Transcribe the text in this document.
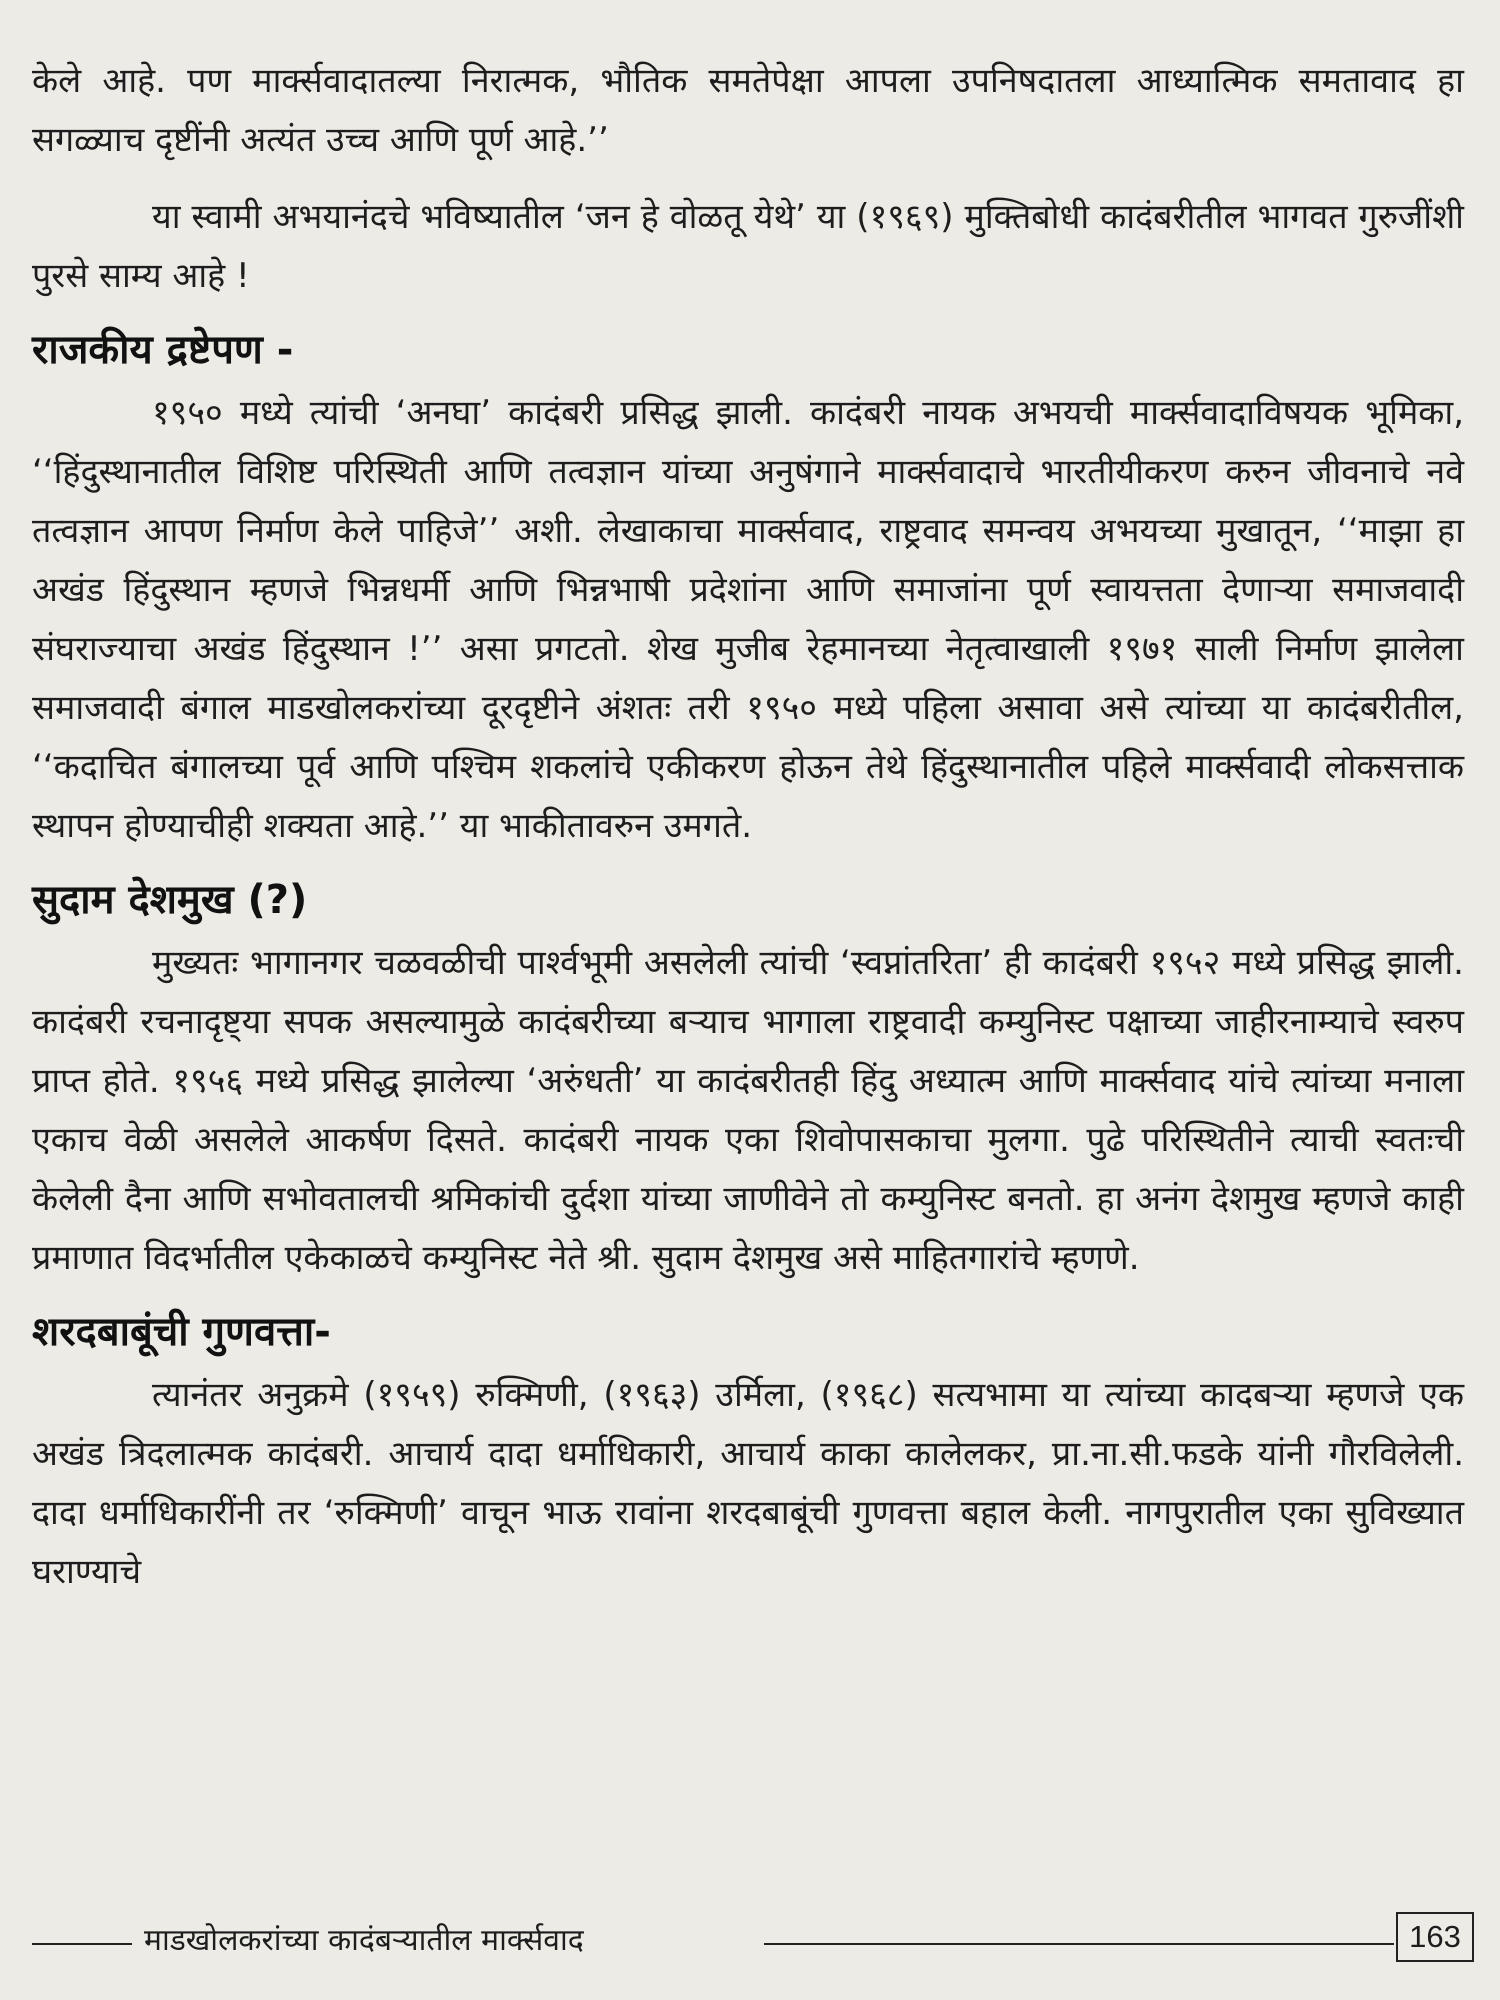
केले आहे. पण मार्क्सवादातल्या निरात्मक, भौतिक समतेपेक्षा आपला उपनिषदातला आध्यात्मिक समतावाद हा सगळ्याच दृष्टींनी अत्यंत उच्च आणि पूर्ण आहे.’’

या स्वामी अभयानंदचे भविष्यातील ‘जन हे वोळतू येथे’ या (१९६९) मुक्तिबोधी कादंबरीतील भागवत गुरुजींशी पुरसे साम्य आहे !

राजकीय द्रष्टेपण -

१९५० मध्ये त्यांची ‘अनघा’ कादंबरी प्रसिद्ध झाली. कादंबरी नायक अभयची मार्क्सवादाविषयक भूमिका, ‘‘हिंदुस्थानातील विशिष्ट परिस्थिती आणि तत्वज्ञान यांच्या अनुषंगाने मार्क्सवादाचे भारतीयीकरण करुन जीवनाचे नवे तत्वज्ञान आपण निर्माण केले पाहिजे’’ अशी. लेखाकाचा मार्क्सवाद, राष्ट्रवाद समन्वय अभयच्या मुखातून, ‘‘माझा हा अखंड हिंदुस्थान म्हणजे भिन्नधर्मी आणि भिन्नभाषी प्रदेशांना आणि समाजांना पूर्ण स्वायत्तता देणाऱ्या समाजवादी संघराज्याचा अखंड हिंदुस्थान !’’ असा प्रगटतो. शेख मुजीब रेहमानच्या नेतृत्वाखाली १९७१ साली निर्माण झालेला समाजवादी बंगाल माडखोलकरांच्या दूरदृष्टीने अंशतः तरी १९५० मध्ये पहिला असावा असे त्यांच्या या कादंबरीतील, ‘‘कदाचित बंगालच्या पूर्व आणि पश्चिम शकलांचे एकीकरण होऊन तेथे हिंदुस्थानातील पहिले मार्क्सवादी लोकसत्ताक स्थापन होण्याचीही शक्यता आहे.’’ या भाकीतावरुन उमगते.

सुदाम देशमुख (?)

मुख्यतः भागानगर चळवळीची पार्श्वभूमी असलेली त्यांची ‘स्वप्नांतरिता’ ही कादंबरी १९५२ मध्ये प्रसिद्ध झाली. कादंबरी रचनादृष्ट्या सपक असल्यामुळे कादंबरीच्या बऱ्याच भागाला राष्ट्रवादी कम्युनिस्ट पक्षाच्या जाहीरनाम्याचे स्वरुप प्राप्त होते. १९५६ मध्ये प्रसिद्ध झालेल्या ‘अरुंधती’ या कादंबरीतही हिंदु अध्यात्म आणि मार्क्सवाद यांचे त्यांच्या मनाला एकाच वेळी असलेले आकर्षण दिसते. कादंबरी नायक एका शिवोपासकाचा मुलगा. पुढे परिस्थितीने त्याची स्वतःची केलेली दैना आणि सभोवतालची श्रमिकांची दुर्दशा यांच्या जाणीवेने तो कम्युनिस्ट बनतो. हा अनंग देशमुख म्हणजे काही प्रमाणात विदर्भातील एकेकाळचे कम्युनिस्ट नेते श्री. सुदाम देशमुख असे माहितगारांचे म्हणणे.

शरदबाबूंची गुणवत्ता-

त्यानंतर अनुक्रमे (१९५९) रुक्मिणी, (१९६३) उर्मिला, (१९६८) सत्यभामा या त्यांच्या कादबऱ्या म्हणजे एक अखंड त्रिदलात्मक कादंबरी. आचार्य दादा धर्माधिकारी, आचार्य काका कालेलकर, प्रा.ना.सी.फडके यांनी गौरविलेली. दादा धर्माधिकारींनी तर ‘रुक्मिणी’ वाचून भाऊ रावांना शरदबाबूंची गुणवत्ता बहाल केली. नागपुरातील एका सुविख्यात घराण्याचे

माडखोलकरांच्या कादंबऱ्यातील मार्क्सवाद	163
